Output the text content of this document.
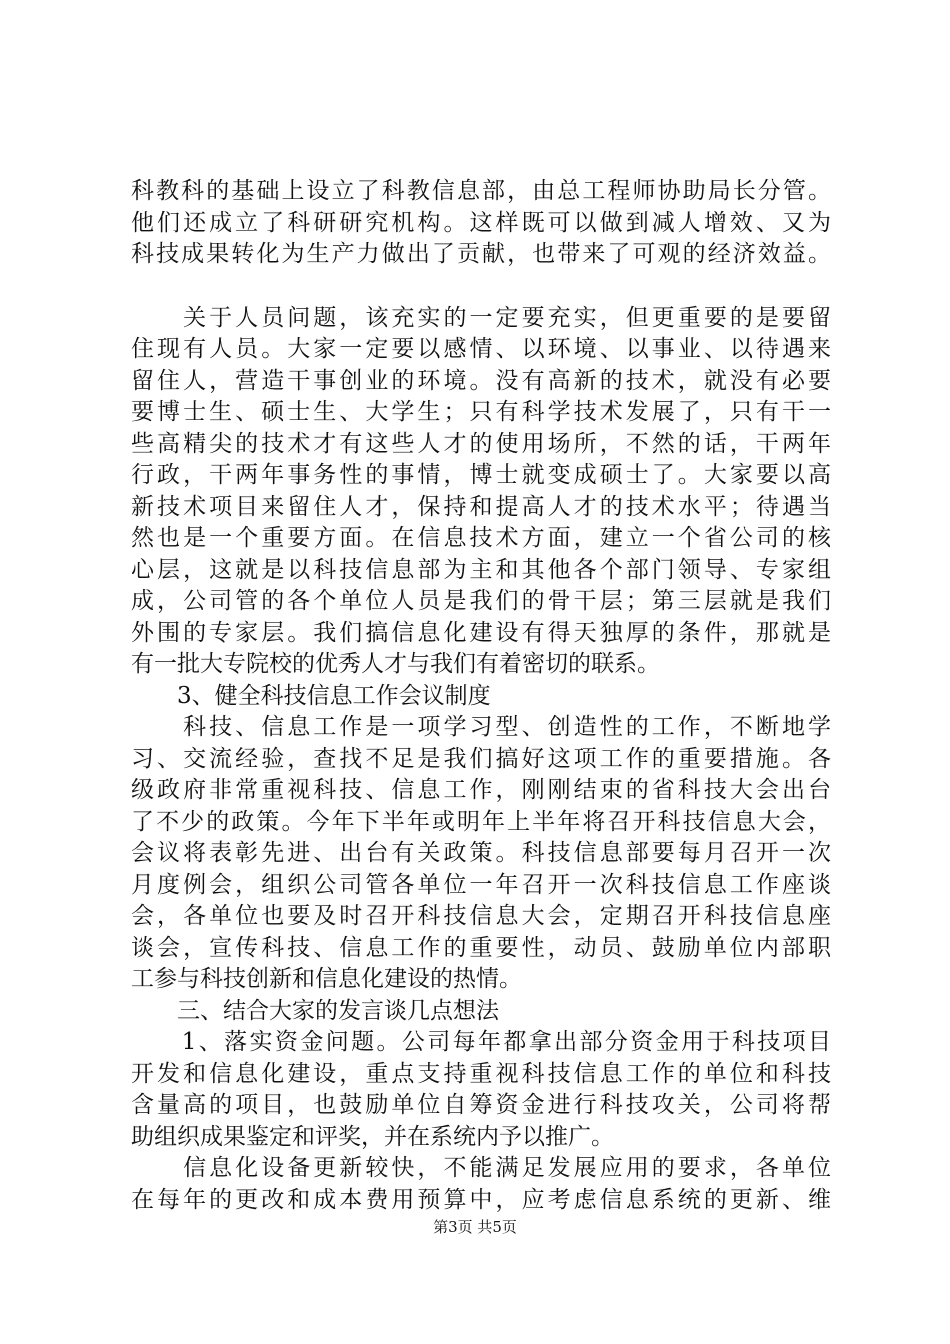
科教科的基础上设立了科教信息部，由总工程师协助局长分管。
他们还成立了科研研究机构。这样既可以做到减人增效、又为
科技成果转化为生产力做出了贡献，也带来了可观的经济效益。
　　关于人员问题，该充实的一定要充实，但更重要的是要留
住现有人员。大家一定要以感情、以环境、以事业、以待遇来
留住人，营造干事创业的环境。没有高新的技术，就没有必要
要博士生、硕士生、大学生；只有科学技术发展了，只有干一
些高精尖的技术才有这些人才的使用场所，不然的话，干两年
行政，干两年事务性的事情，博士就变成硕士了。大家要以高
新技术项目来留住人才，保持和提高人才的技术水平；待遇当
然也是一个重要方面。在信息技术方面，建立一个省公司的核
心层，这就是以科技信息部为主和其他各个部门领导、专家组
成，公司管的各个单位人员是我们的骨干层；第三层就是我们
外围的专家层。我们搞信息化建设有得天独厚的条件，那就是
有一批大专院校的优秀人才与我们有着密切的联系。
　　3、健全科技信息工作会议制度
　　科技、信息工作是一项学习型、创造性的工作，不断地学
习、交流经验，查找不足是我们搞好这项工作的重要措施。各
级政府非常重视科技、信息工作，刚刚结束的省科技大会出台
了不少的政策。今年下半年或明年上半年将召开科技信息大会，
会议将表彰先进、出台有关政策。科技信息部要每月召开一次
月度例会，组织公司管各单位一年召开一次科技信息工作座谈
会，各单位也要及时召开科技信息大会，定期召开科技信息座
谈会，宣传科技、信息工作的重要性，动员、鼓励单位内部职
工参与科技创新和信息化建设的热情。
　　三、结合大家的发言谈几点想法
　　1、落实资金问题。公司每年都拿出部分资金用于科技项目
开发和信息化建设，重点支持重视科技信息工作的单位和科技
含量高的项目，也鼓励单位自筹资金进行科技攻关，公司将帮
助组织成果鉴定和评奖，并在系统内予以推广。
　　信息化设备更新较快，不能满足发展应用的要求，各单位
在每年的更改和成本费用预算中，应考虑信息系统的更新、维
第3页 共5页
